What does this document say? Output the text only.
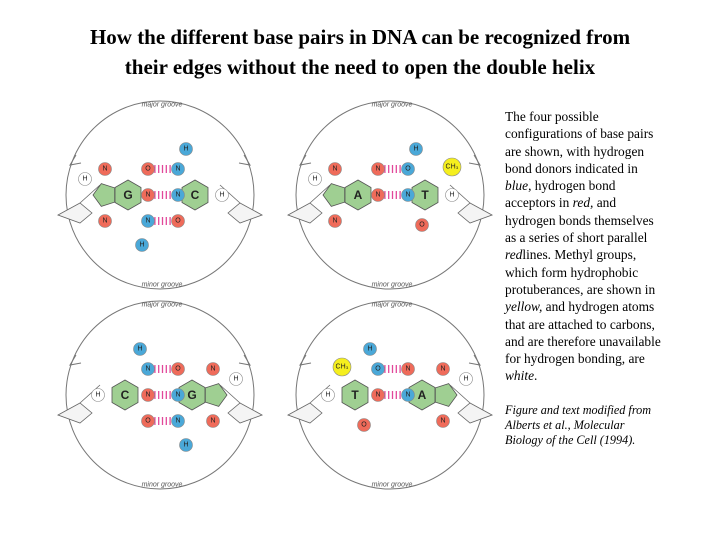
How the different base pairs in DNA can be recognized from
their edges without the need to open the double helix
major groove
minor groove
G	C
O	N
N	N
N	O
H
H
N
H
H
N
major groove
minor groove
A	T
N	O
N	N
H
CH₃
N
H
H
N
O
major groove
minor groove
C	G
N	O
N	N
O	N
H
H
N
H
H
N
major groove
minor groove
T	A
O	N
N	N
H
CH₃	N
H
H
N
O
The four possible configurations of base pairs are shown, with hydrogen bond donors indicated in blue, hydrogen bond acceptors in red, and hydrogen bonds themselves as a series of short parallel redlines. Methyl groups, which form hydrophobic protuberances, are shown in yellow, and hydrogen atoms that are attached to carbons, and are therefore unavailable for hydrogen bonding, are white.
Figure and text modified from Alberts et al., Molecular Biology of the Cell (1994).
